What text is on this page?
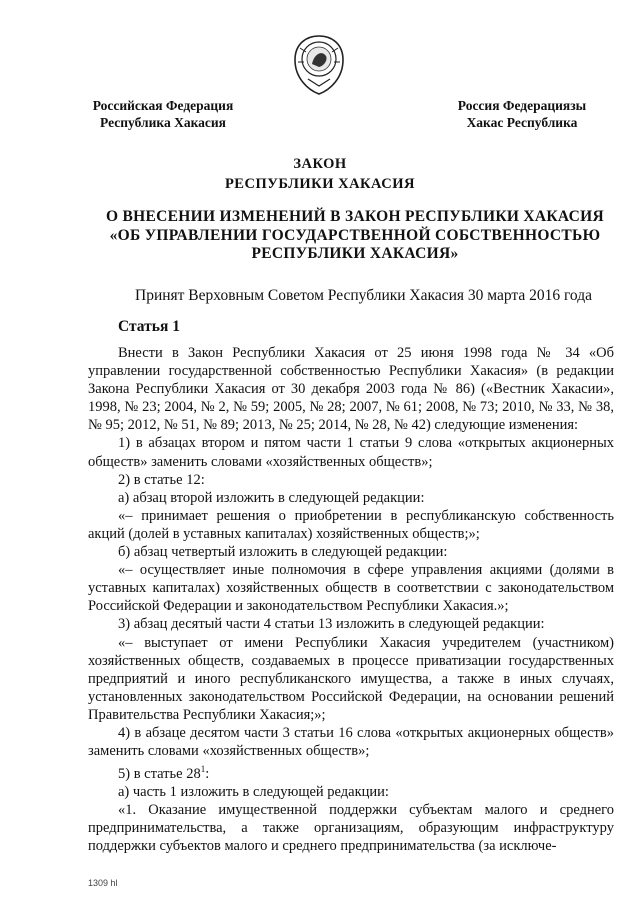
Российская Федерация
Республика Хакасия
Россия Федерациязы
Хакас Республика
ЗАКОН
РЕСПУБЛИКИ ХАКАСИЯ
О ВНЕСЕНИИ ИЗМЕНЕНИЙ В ЗАКОН РЕСПУБЛИКИ ХАКАСИЯ
«ОБ УПРАВЛЕНИИ ГОСУДАРСТВЕННОЙ СОБСТВЕННОСТЬЮ
РЕСПУБЛИКИ ХАКАСИЯ»
Принят Верховным Советом Республики Хакасия 30 марта 2016 года
Статья 1

Внести в Закон Республики Хакасия от 25 июня 1998 года № 34 «Об управлении государственной собственностью Республики Хакасия» (в редакции Закона Республики Хакасия от 30 декабря 2003 года № 86) («Вестник Хакасии», 1998, № 23; 2004, № 2, № 59; 2005, № 28; 2007, № 61; 2008, № 73; 2010, № 33, № 38, № 95; 2012, № 51, № 89; 2013, № 25; 2014, № 28, № 42) следующие изменения:

1) в абзацах втором и пятом части 1 статьи 9 слова «открытых акционерных обществ» заменить словами «хозяйственных обществ»;

2) в статье 12:

а) абзац второй изложить в следующей редакции:

«– принимает решения о приобретении в республиканскую собственность акций (долей в уставных капиталах) хозяйственных обществ;»;

б) абзац четвертый изложить в следующей редакции:

«– осуществляет иные полномочия в сфере управления акциями (долями в уставных капиталах) хозяйственных обществ в соответствии с законодательством Российской Федерации и законодательством Республики Хакасия.»;

3) абзац десятый части 4 статьи 13 изложить в следующей редакции:

«– выступает от имени Республики Хакасия учредителем (участником) хозяйственных обществ, создаваемых в процессе приватизации государственных предприятий и иного республиканского имущества, а также в иных случаях, установленных законодательством Российской Федерации, на основании решений Правительства Республики Хакасия;»;

4) в абзаце десятом части 3 статьи 16 слова «открытых акционерных обществ» заменить словами «хозяйственных обществ»;

5) в статье $28^1$:

а) часть 1 изложить в следующей редакции:

«1. Оказание имущественной поддержки субъектам малого и среднего предпринимательства, а также организациям, образующим инфраструктуру поддержки субъектов малого и среднего предпринимательства (за исключе-

1309 hl
